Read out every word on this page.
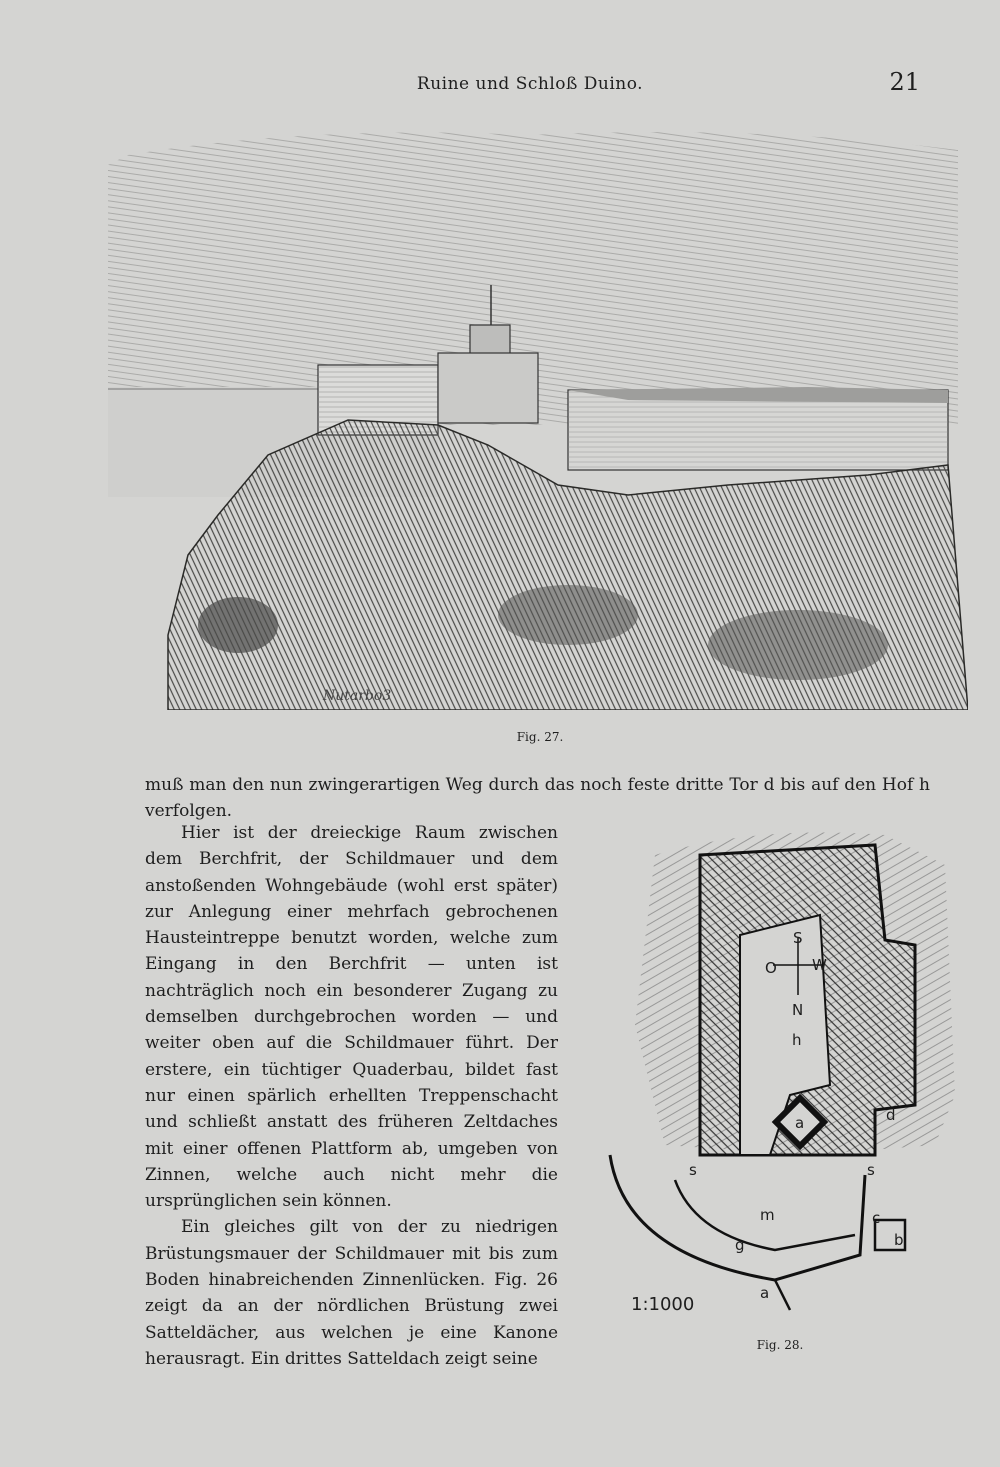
Ruine und Schloß Duino.	21
Nutarbo3
Fig. 27.

muß man den nun zwingerartigen Weg durch das noch feste dritte Tor d bis auf den Hof h verfolgen.

Hier ist der dreieckige Raum zwischen dem Berchfrit, der Schildmauer und dem anstoßenden Wohngebäude (wohl erst später) zur Anlegung einer mehrfach gebrochenen Hausteintreppe benutzt worden, welche zum Eingang in den Berchfrit — unten ist nachträglich noch ein besonderer Zugang zu demselben durchgebrochen worden — und weiter oben auf die Schildmauer führt. Der erstere, ein tüchtiger Quaderbau, bildet fast nur einen spärlich erhellten Treppenschacht und schließt anstatt des früheren Zeltdaches mit einer offenen Plattform ab, umgeben von Zinnen, welche auch nicht mehr die ursprünglichen sein können.

Ein gleiches gilt von der zu niedrigen Brüstungsmauer der Schildmauer mit bis zum Boden hinabreichenden Zinnenlücken. Fig. 26 zeigt da an der nördlichen Brüstung zwei Satteldächer, aus welchen je eine Kanone herausragt. Ein drittes Satteldach zeigt seine

S
O W
N
h
a	d
s	s
m
g
c
b
a
1:1000
Fig. 28.
